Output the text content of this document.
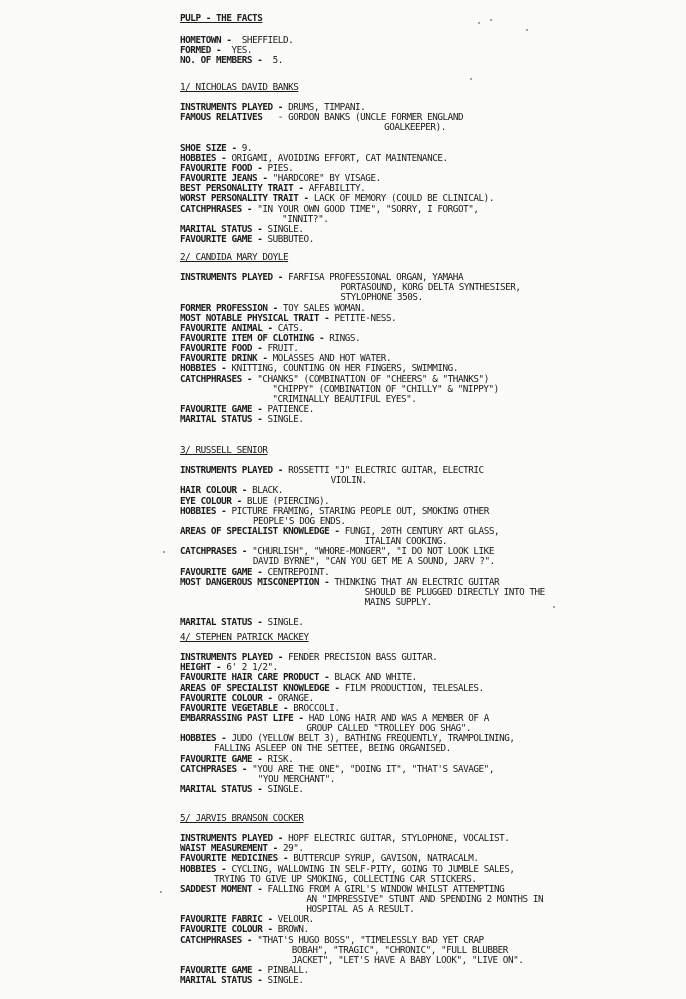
PULP - THE FACTS
HOMETOWN -  SHEFFIELD.
FORMED -  YES.
NO. OF MEMBERS -  5.
1/ NICHOLAS DAVID BANKS
INSTRUMENTS PLAYED - DRUMS, TIMPANI.
FAMOUS RELATIVES   - GORDON BANKS (UNCLE FORMER ENGLAND
GOALKEEPER).
SHOE SIZE - 9.
HOBBIES - ORIGAMI, AVOIDING EFFORT, CAT MAINTENANCE.
FAVOURITE FOOD - PIES.
FAVOURITE JEANS - "HARDCORE" BY VISAGE.
BEST PERSONALITY TRAIT - AFFABILITY.
WORST PERSONALITY TRAIT - LACK OF MEMORY (COULD BE CLINICAL).
CATCHPHRASES - "IN YOUR OWN GOOD TIME", "SORRY, I FORGOT",
"INNIT?".
MARITAL STATUS - SINGLE.
FAVOURITE GAME - SUBBUTEO.
2/ CANDIDA MARY DOYLE
INSTRUMENTS PLAYED - FARFISA PROFESSIONAL ORGAN, YAMAHA
PORTASOUND, KORG DELTA SYNTHESISER,
STYLOPHONE 350S.
FORMER PROFESSION - TOY SALES WOMAN.
MOST NOTABLE PHYSICAL TRAIT - PETITE-NESS.
FAVOURITE ANIMAL - CATS.
FAVOURITE ITEM OF CLOTHING - RINGS.
FAVOURITE FOOD - FRUIT.
FAVOURITE DRINK - MOLASSES AND HOT WATER.
HOBBIES - KNITTING, COUNTING ON HER FINGERS, SWIMMING.
CATCHPHRASES - "CHANKS" (COMBINATION OF "CHEERS" & "THANKS")
"CHIPPY" (COMBINATION OF "CHILLY" & "NIPPY")
"CRIMINALLY BEAUTIFUL EYES".
FAVOURITE GAME - PATIENCE.
MARITAL STATUS - SINGLE.
3/ RUSSELL SENIOR
INSTRUMENTS PLAYED - ROSSETTI "J" ELECTRIC GUITAR, ELECTRIC
VIOLIN.
HAIR COLOUR - BLACK.
EYE COLOUR - BLUE (PIERCING).
HOBBIES - PICTURE FRAMING, STARING PEOPLE OUT, SMOKING OTHER
PEOPLE'S DOG ENDS.
AREAS OF SPECIALIST KNOWLEDGE - FUNGI, 20TH CENTURY ART GLASS,
ITALIAN COOKING.
CATCHPRASES - "CHURLISH", "WHORE-MONGER", "I DO NOT LOOK LIKE
DAVID BYRNE", "CAN YOU GET ME A SOUND, JARV ?".
FAVOURITE GAME - CENTREPOINT.
MOST DANGEROUS MISCONEPTION - THINKING THAT AN ELECTRIC GUITAR
SHOULD BE PLUGGED DIRECTLY INTO THE
MAINS SUPPLY.
MARITAL STATUS - SINGLE.
4/ STEPHEN PATRICK MACKEY
INSTRUMENTS PLAYED - FENDER PRECISION BASS GUITAR.
HEIGHT - 6' 2 1/2".
FAVOURITE HAIR CARE PRODUCT - BLACK AND WHITE.
AREAS OF SPECIALIST KNOWLEDGE - FILM PRODUCTION, TELESALES.
FAVOURITE COLOUR - ORANGE.
FAVOURITE VEGETABLE - BROCCOLI.
EMBARRASSING PAST LIFE - HAD LONG HAIR AND WAS A MEMBER OF A
GROUP CALLED "TROLLEY DOG SHAG".
HOBBIES - JUDO (YELLOW BELT 3), BATHING FREQUENTLY, TRAMPOLINING,
FALLING ASLEEP ON THE SETTEE, BEING ORGANISED.
FAVOURITE GAME - RISK.
CATCHPRASES - "YOU ARE THE ONE", "DOING IT", "THAT'S SAVAGE",
"YOU MERCHANT".
MARITAL STATUS - SINGLE.
5/ JARVIS BRANSON COCKER
INSTRUMENTS PLAYED - HOPF ELECTRIC GUITAR, STYLOPHONE, VOCALIST.
WAIST MEASUREMENT - 29".
FAVOURITE MEDICINES - BUTTERCUP SYRUP, GAVISON, NATRACALM.
HOBBIES - CYCLING, WALLOWING IN SELF-PITY, GOING TO JUMBLE SALES,
TRYING TO GIVE UP SMOKING, COLLECTING CAR STICKERS.
SADDEST MOMENT - FALLING FROM A GIRL'S WINDOW WHILST ATTEMPTING
AN "IMPRESSIVE" STUNT AND SPENDING 2 MONTHS IN
HOSPITAL AS A RESULT.
FAVOURITE FABRIC - VELOUR.
FAVOURITE COLOUR - BROWN.
CATCHPHRASES - "THAT'S HUGO BOSS", "TIMELESSLY BAD YET CRAP
BOBAH", "TRAGIC", "CHRONIC", "FULL BLUBBER
JACKET", "LET'S HAVE A BABY LOOK", "LIVE ON".
FAVOURITE GAME - PINBALL.
MARITAL STATUS - SINGLE.
